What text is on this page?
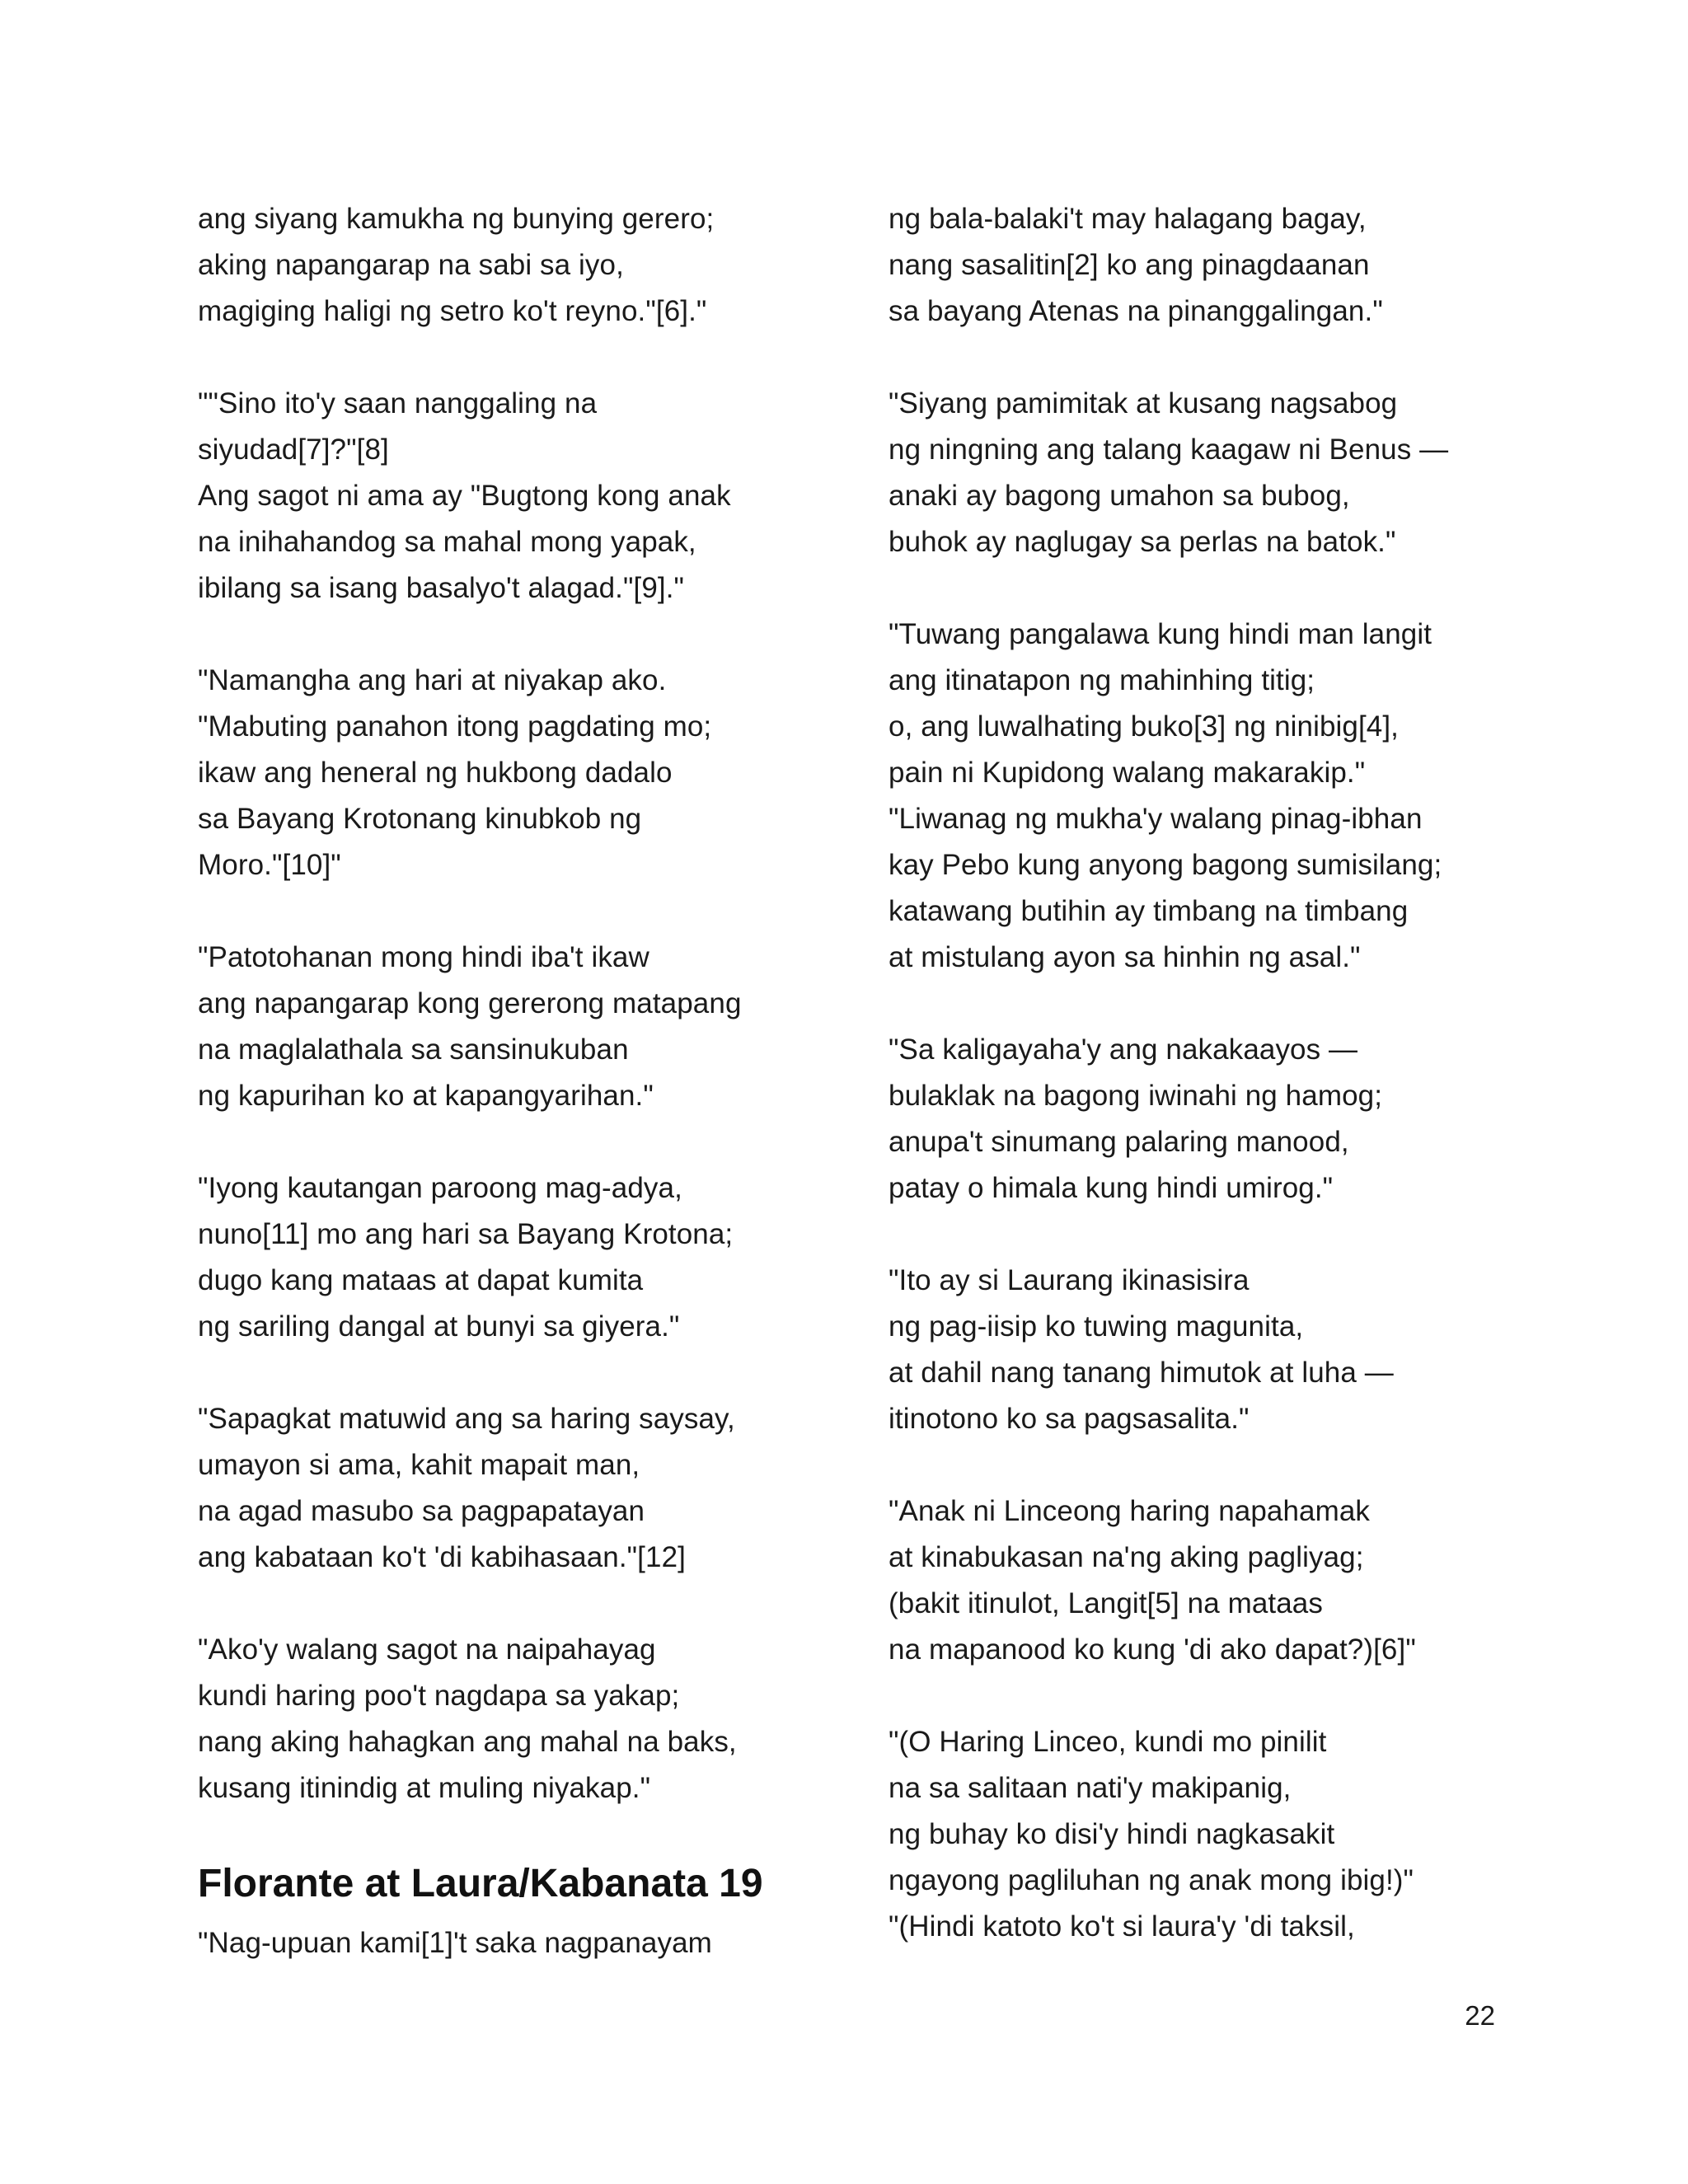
ang siyang kamukha ng bunying gerero;
aking napangarap na sabi sa iyo,
magiging haligi ng setro ko't reyno."[6]."
""Sino ito'y saan nanggaling na
siyudad[7]?"[8]
Ang sagot ni ama ay "Bugtong kong anak
na inihahandog sa mahal mong yapak,
ibilang sa isang basalyo't alagad."[9]."
"Namangha ang hari at niyakap ako.
"Mabuting panahon itong pagdating mo;
ikaw ang heneral ng hukbong dadalo
sa Bayang Krotonang kinubkob ng
Moro."[10]"
"Patotohanan mong hindi iba't ikaw
ang napangarap kong gererong matapang
na maglalathala sa sansinukuban
ng kapurihan ko at kapangyarihan."
"Iyong kautangan paroong mag-adya,
nuno[11] mo ang hari sa Bayang Krotona;
dugo kang mataas at dapat kumita
ng sariling dangal at bunyi sa giyera."
"Sapagkat matuwid ang sa haring saysay,
umayon si ama, kahit mapait man,
na agad masubo sa pagpapatayan
ang kabataan ko't 'di kabihasaan."[12]
"Ako'y walang sagot na naipahayag
kundi haring poo't nagdapa sa yakap;
nang aking hahagkan ang mahal na baks,
kusang itinindig at muling niyakap."
Florante at Laura/Kabanata 19
"Nag-upuan kami[1]'t saka nagpanayam
ng bala-balaki't may halagang bagay,
nang sasalitin[2] ko ang pinagdaanan
sa bayang Atenas na pinanggalingan."
"Siyang pamimitak at kusang nagsabog
ng ningning ang talang kaagaw ni Benus —
anaki ay bagong umahon sa bubog,
buhok ay naglugay sa perlas na batok."
"Tuwang pangalawa kung hindi man langit
ang itinatapon ng mahinhing titig;
o, ang luwalhating buko[3] ng ninibig[4],
pain ni Kupidong walang makarakip."
"Liwanag ng mukha'y walang pinag-ibhan
kay Pebo kung anyong bagong sumisilang;
katawang butihin ay timbang na timbang
at mistulang ayon sa hinhin ng asal."
"Sa kaligayaha'y ang nakakaayos —
bulaklak na bagong iwinahi ng hamog;
anupa't sinumang palaring manood,
patay o himala kung hindi umirog."
"Ito ay si Laurang ikinasisira
ng pag-iisip ko tuwing magunita,
at dahil nang tanang himutok at luha —
itinotono ko sa pagsasalita."
"Anak ni Linceong haring napahamak
at kinabukasan na'ng aking pagliyag;
(bakit itinulot, Langit[5] na mataas
na mapanood ko kung 'di ako dapat?)[6]"
"(O Haring Linceo, kundi mo pinilit
na sa salitaan nati'y makipanig,
ng buhay ko disi'y hindi nagkasakit
ngayong pagliluhan ng anak mong ibig!)"
"(Hindi katoto ko't si laura'y 'di taksil,
22
